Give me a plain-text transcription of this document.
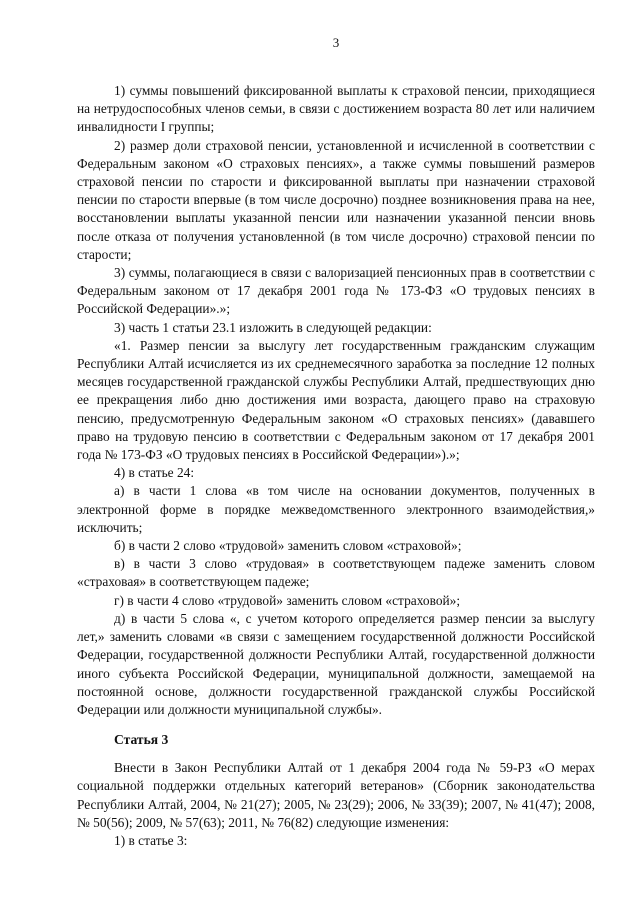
3

1) суммы повышений фиксированной выплаты к страховой пенсии, приходящиеся на нетрудоспособных членов семьи, в связи с достижением возраста 80 лет или наличием инвалидности I группы;

2) размер доли страховой пенсии, установленной и исчисленной в соответствии с Федеральным законом «О страховых пенсиях», а также суммы повышений размеров страховой пенсии по старости и фиксированной выплаты при назначении страховой пенсии по старости впервые (в том числе досрочно) позднее возникновения права на нее, восстановлении выплаты указанной пенсии или назначении указанной пенсии вновь после отказа от получения установленной (в том числе досрочно) страховой пенсии по старости;

3) суммы, полагающиеся в связи с валоризацией пенсионных прав в соответствии с Федеральным законом от 17 декабря 2001 года № 173-ФЗ «О трудовых пенсиях в Российской Федерации».»;

3) часть 1 статьи 23.1 изложить в следующей редакции:

«1. Размер пенсии за выслугу лет государственным гражданским служащим Республики Алтай исчисляется из их среднемесячного заработка за последние 12 полных месяцев государственной гражданской службы Республики Алтай, предшествующих дню ее прекращения либо дню достижения ими возраста, дающего право на страховую пенсию, предусмотренную Федеральным законом «О страховых пенсиях» (дававшего право на трудовую пенсию в соответствии с Федеральным законом от 17 декабря 2001 года № 173-ФЗ «О трудовых пенсиях в Российской Федерации»).»;

4) в статье 24:

а) в части 1 слова «в том числе на основании документов, полученных в электронной форме в порядке межведомственного электронного взаимодействия,» исключить;

б) в части 2 слово «трудовой» заменить словом «страховой»;

в) в части 3 слово «трудовая» в соответствующем падеже заменить словом «страховая» в соответствующем падеже;

г) в части 4 слово «трудовой» заменить словом «страховой»;

д) в части 5 слова «, с учетом которого определяется размер пенсии за выслугу лет,» заменить словами «в связи с замещением государственной должности Российской Федерации, государственной должности Республики Алтай, государственной должности иного субъекта Российской Федерации, муниципальной должности, замещаемой на постоянной основе, должности государственной гражданской службы Российской Федерации или должности муниципальной службы».

Статья 3

Внести в Закон Республики Алтай от 1 декабря 2004 года № 59-РЗ «О мерах социальной поддержки отдельных категорий ветеранов» (Сборник законодательства Республики Алтай, 2004, № 21(27); 2005, № 23(29); 2006, № 33(39); 2007, № 41(47); 2008, № 50(56); 2009, № 57(63); 2011, № 76(82) следующие изменения:

1) в статье 3:
